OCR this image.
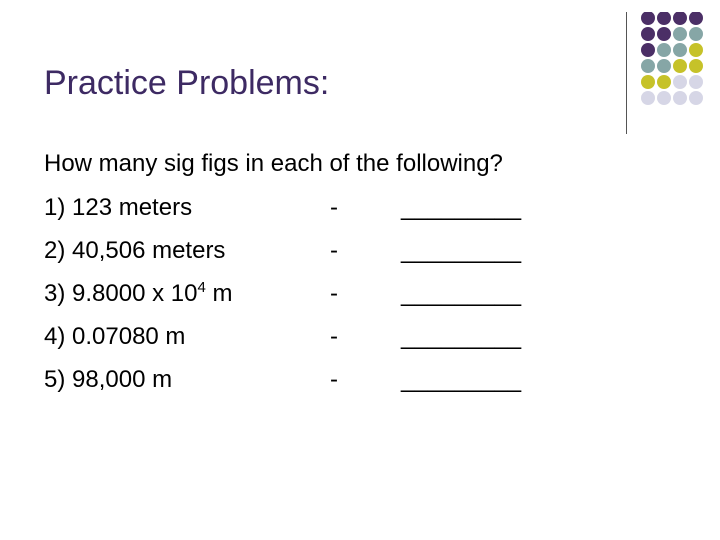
Practice Problems:
How many sig figs in each of the following?
1) 123 meters	-	_________
2) 40,506 meters	-	_________
3) 9.8000 x $10^4$ m	-	_________
4) 0.07080 m	-	_________
5) 98,000 m	-	_________
